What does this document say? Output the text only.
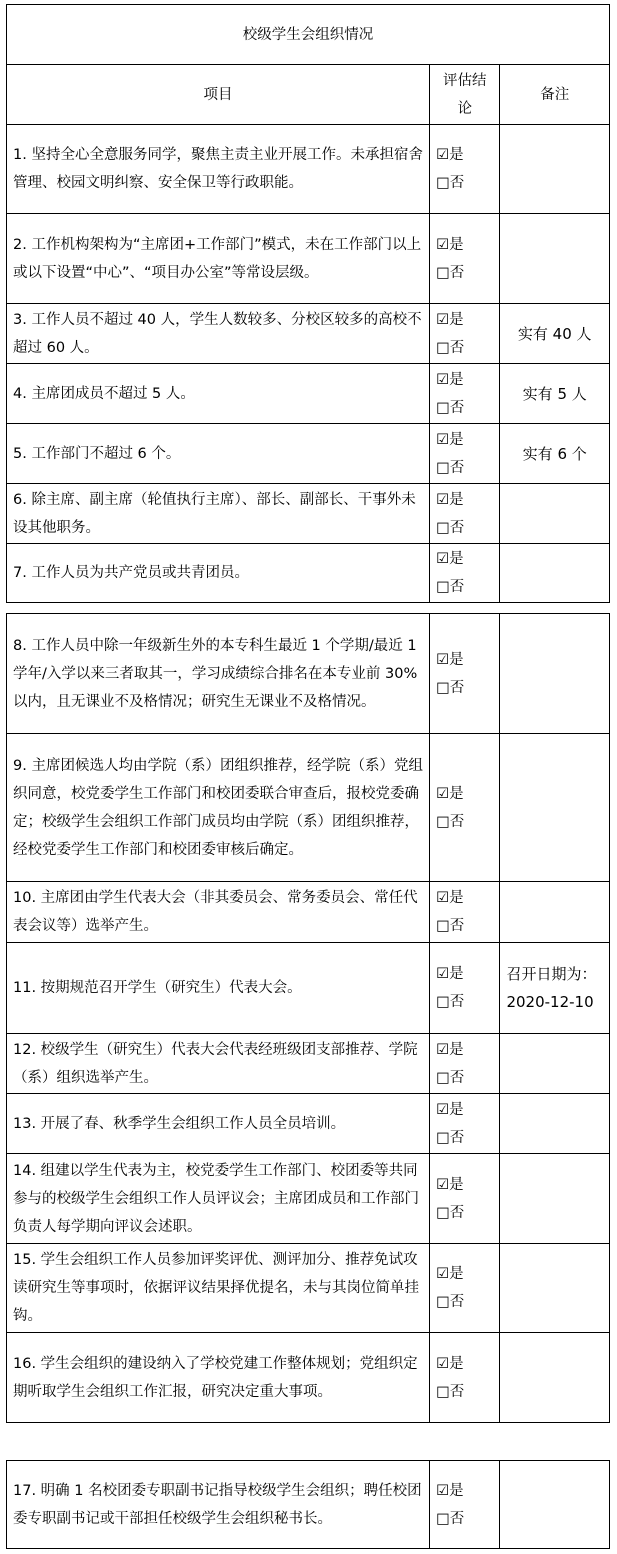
校级学生会组织情况		
项目	评估结论	备注
1. 坚持全心全意服务同学，聚焦主责主业开展工作。未承担宿舍管理、校园文明纠察、安全保卫等行政职能。	☑是
□否	

2. 工作机构架构为“主席团+工作部门”模式，未在工作部门以上或以下设置“中心”、“项目办公室”等常设层级。	☑是
□否	

3. 工作人员不超过 40 人，学生人数较多、分校区较多的高校不超过 60 人。	☑是
□否	实有 40 人
4. 主席团成员不超过 5 人。	☑是
□否	实有 5 人
5. 工作部门不超过 6 个。	☑是
□否	实有 6 个
6. 除主席、副主席（轮值执行主席）、部长、副部长、干事外未设其他职务。	☑是
□否	

7. 工作人员为共产党员或共青团员。	☑是
□否	

8. 工作人员中除一年级新生外的本专科生最近 1 个学期/最近 1 学年/入学以来三者取其一，学习成绩综合排名在本专业前 30%以内，且无课业不及格情况；研究生无课业不及格情况。	☑是
□否	

9. 主席团候选人均由学院（系）团组织推荐，经学院（系）党组织同意，校党委学生工作部门和校团委联合审查后，报校党委确定；校级学生会组织工作部门成员均由学院（系）团组织推荐，经校党委学生工作部门和校团委审核后确定。	☑是
□否	

10. 主席团由学生代表大会（非其委员会、常务委员会、常任代表会议等）选举产生。	☑是
□否	

11. 按期规范召开学生（研究生）代表大会。	☑是
□否	召开日期为：2020-12-10
12. 校级学生（研究生）代表大会代表经班级团支部推荐、学院（系）组织选举产生。	☑是
□否	

13. 开展了春、秋季学生会组织工作人员全员培训。	☑是
□否	

14. 组建以学生代表为主，校党委学生工作部门、校团委等共同参与的校级学生会组织工作人员评议会；主席团成员和工作部门负责人每学期向评议会述职。	☑是
□否	

15. 学生会组织工作人员参加评奖评优、测评加分、推荐免试攻读研究生等事项时，依据评议结果择优提名，未与其岗位简单挂钩。	☑是
□否	

16. 学生会组织的建设纳入了学校党建工作整体规划；党组织定期听取学生会组织工作汇报，研究决定重大事项。	☑是
□否	

17. 明确 1 名校团委专职副书记指导校级学生会组织；聘任校团委专职副书记或干部担任校级学生会组织秘书长。	
☑是
□否
